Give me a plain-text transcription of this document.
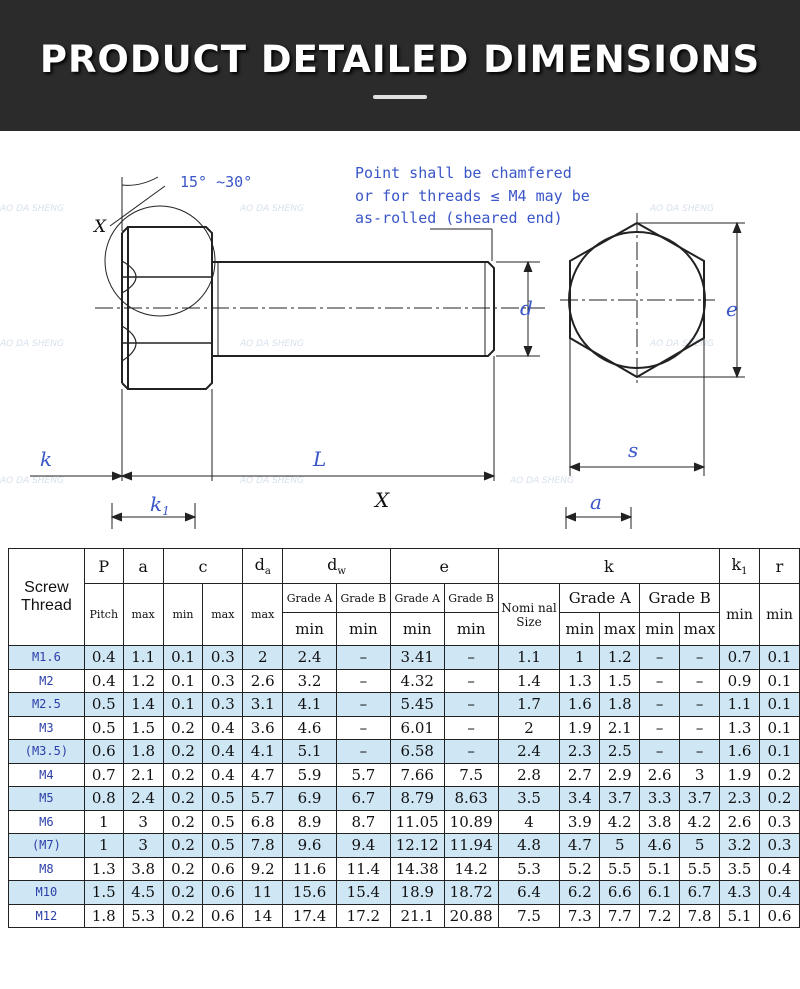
PRODUCT DETAILED DIMENSIONS
AO DA SHENG	AO DA SHENG
AO DA SHENG
AO DA SHENG	AO DA SHENG
AO DA SHENG
AO DA SHENG	AO DA SHENG
AO DA SHENG
15° ~30°
X
Point shall be chamfered
or for threads ≤ M4 may be
as-rolled (sheared end)
d
k	L
X
$k_1$
e
s
a
Screw Thread	P	a	c		$d_a$	$d_w$		e		k					$k_1$	r
	Pitch	max	min	max	max	Grade A	Grade B	Grade A	Grade B	Nomi nal Size	Grade A		Grade B		min	min
						min	min	min	min		min	max	min	max		
M1.6	0.4	1.1	0.1	0.3	2	2.4	–	3.41	–	1.1	1	1.2	–	–	0.7	0.1
M2	0.4	1.2	0.1	0.3	2.6	3.2	–	4.32	–	1.4	1.3	1.5	–	–	0.9	0.1
M2.5	0.5	1.4	0.1	0.3	3.1	4.1	–	5.45	–	1.7	1.6	1.8	–	–	1.1	0.1
M3	0.5	1.5	0.2	0.4	3.6	4.6	–	6.01	–	2	1.9	2.1	–	–	1.3	0.1
(M3.5)	0.6	1.8	0.2	0.4	4.1	5.1	–	6.58	–	2.4	2.3	2.5	–	–	1.6	0.1
M4	0.7	2.1	0.2	0.4	4.7	5.9	5.7	7.66	7.5	2.8	2.7	2.9	2.6	3	1.9	0.2
M5	0.8	2.4	0.2	0.5	5.7	6.9	6.7	8.79	8.63	3.5	3.4	3.7	3.3	3.7	2.3	0.2
M6	1	3	0.2	0.5	6.8	8.9	8.7	11.05	10.89	4	3.9	4.2	3.8	4.2	2.6	0.3
(M7)	1	3	0.2	0.5	7.8	9.6	9.4	12.12	11.94	4.8	4.7	5	4.6	5	3.2	0.3
M8	1.3	3.8	0.2	0.6	9.2	11.6	11.4	14.38	14.2	5.3	5.2	5.5	5.1	5.5	3.5	0.4
M10	1.5	4.5	0.2	0.6	11	15.6	15.4	18.9	18.72	6.4	6.2	6.6	6.1	6.7	4.3	0.4
M12	1.8	5.3	0.2	0.6	14	17.4	17.2	21.1	20.88	7.5	7.3	7.7	7.2	7.8	5.1	0.6
